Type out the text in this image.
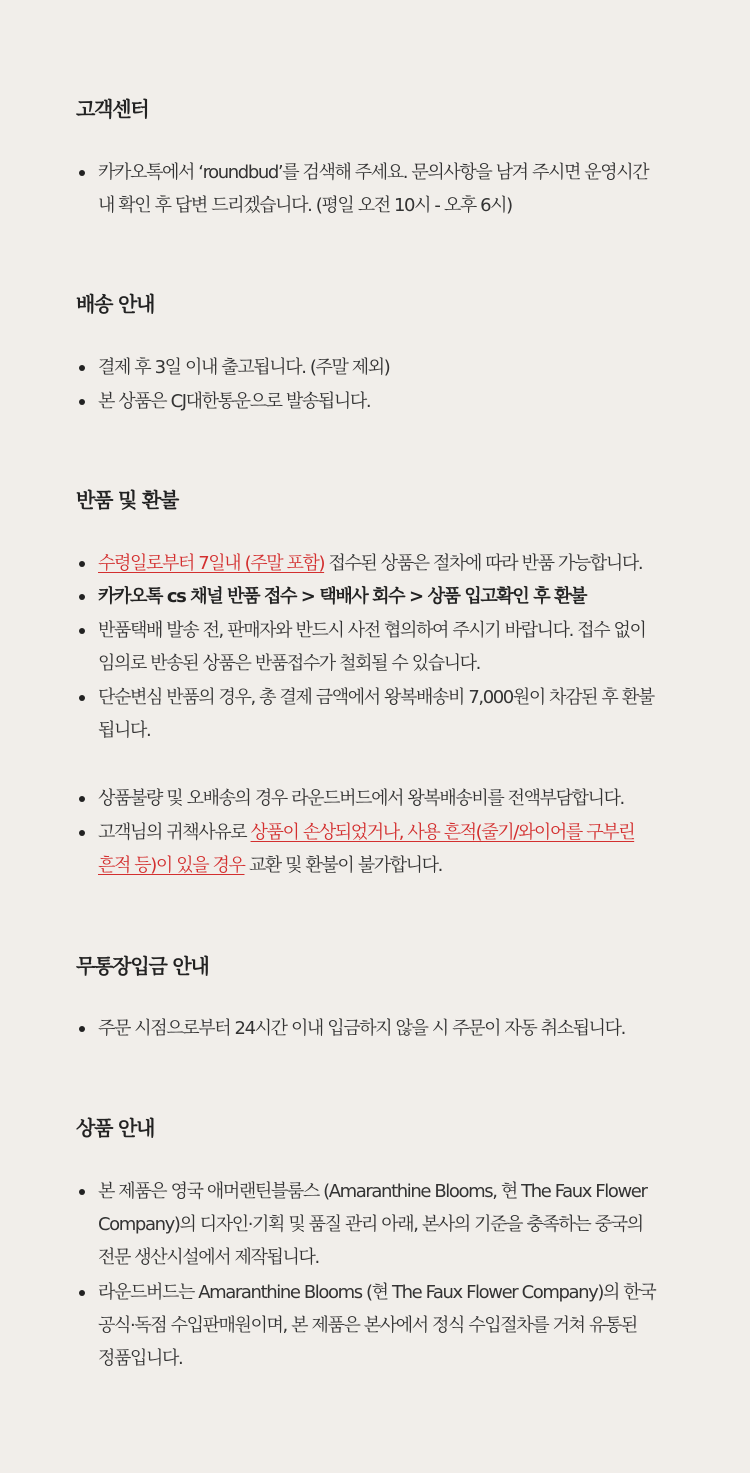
고객센터
카카오톡에서 ‘roundbud’를 검색해 주세요. 문의사항을 남겨 주시면 운영시간
내 확인 후 답변 드리겠습니다. (평일 오전 10시 - 오후 6시)
배송 안내
결제 후 3일 이내 출고됩니다. (주말 제외)
본 상품은 CJ대한통운으로 발송됩니다.
반품 및 환불
수령일로부터 7일내 (주말 포함) 접수된 상품은 절차에 따라 반품 가능합니다.
카카오톡 cs 채널 반품 접수 > 택배사 회수 > 상품 입고확인 후 환불
반품택배 발송 전, 판매자와 반드시 사전 협의하여 주시기 바랍니다. 접수 없이
임의로 반송된 상품은 반품접수가 철회될 수 있습니다.
단순변심 반품의 경우, 총 결제 금액에서 왕복배송비 7,000원이 차감된 후 환불
됩니다.
상품불량 및 오배송의 경우 라운드버드에서 왕복배송비를 전액부담합니다.
고객님의 귀책사유로 상품이 손상되었거나, 사용 흔적(줄기/와이어를 구부린
흔적 등)이 있을 경우 교환 및 환불이 불가합니다.
무통장입금 안내
주문 시점으로부터 24시간 이내 입금하지 않을 시 주문이 자동 취소됩니다.
상품 안내
본 제품은 영국 애머랜틴블룸스 (Amaranthine Blooms, 현 The Faux Flower
Company)의 디자인·기획 및 품질 관리 아래, 본사의 기준을 충족하는 중국의
전문 생산시설에서 제작됩니다.
라운드버드는 Amaranthine Blooms (현 The Faux Flower Company)의 한국
공식·독점 수입판매원이며, 본 제품은 본사에서 정식 수입절차를 거쳐 유통된
정품입니다.
